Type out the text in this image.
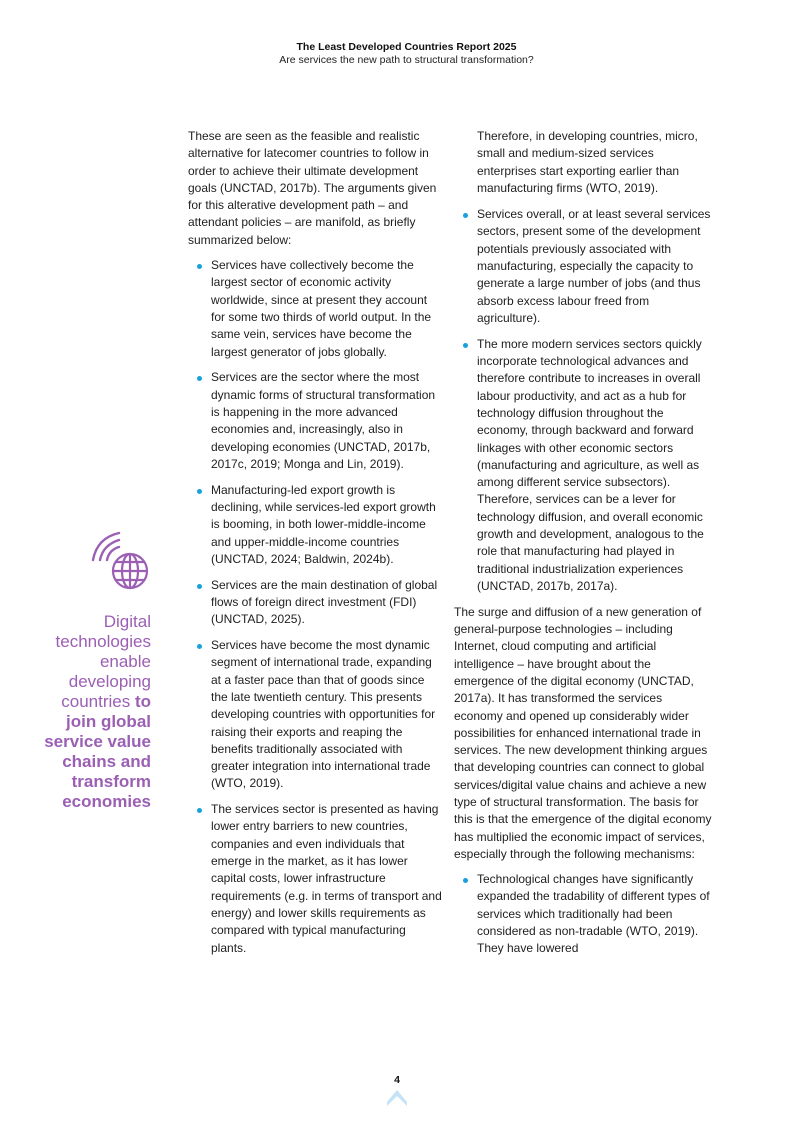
The Least Developed Countries Report 2025
Are services the new path to structural transformation?
Digital technologies enable developing countries to join global service value chains and transform economies

These are seen as the feasible and realistic alternative for latecomer countries to follow in order to achieve their ultimate development goals (UNCTAD, 2017b). The arguments given for this alterative development path – and attendant policies – are manifold, as briefly summarized below:

Services have collectively become the largest sector of economic activity worldwide, since at present they account for some two thirds of world output. In the same vein, services have become the largest generator of jobs globally.
Services are the sector where the most dynamic forms of structural transformation is happening in the more advanced economies and, increasingly, also in developing economies (UNCTAD, 2017b, 2017c, 2019; Monga and Lin, 2019).
Manufacturing-led export growth is declining, while services-led export growth is booming, in both lower-middle-income and upper-middle-income countries (UNCTAD, 2024; Baldwin, 2024b).
Services are the main destination of global flows of foreign direct investment (FDI) (UNCTAD, 2025).
Services have become the most dynamic segment of international trade, expanding at a faster pace than that of goods since the late twentieth century. This presents developing countries with opportunities for raising their exports and reaping the benefits traditionally associated with greater integration into international trade (WTO, 2019).
The services sector is presented as having lower entry barriers to new countries, companies and even individuals that emerge in the market, as it has lower capital costs, lower infrastructure requirements (e.g. in terms of transport and energy) and lower skills requirements as compared with typical manufacturing plants.
Therefore, in developing countries, micro, small and medium-sized services enterprises start exporting earlier than manufacturing firms (WTO, 2019).
Services overall, or at least several services sectors, present some of the development potentials previously associated with manufacturing, especially the capacity to generate a large number of jobs (and thus absorb excess labour freed from agriculture).
The more modern services sectors quickly incorporate technological advances and therefore contribute to increases in overall labour productivity, and act as a hub for technology diffusion throughout the economy, through backward and forward linkages with other economic sectors (manufacturing and agriculture, as well as among different service subsectors). Therefore, services can be a lever for technology diffusion, and overall economic growth and development, analogous to the role that manufacturing had played in traditional industrialization experiences (UNCTAD, 2017b, 2017a).

The surge and diffusion of a new generation of general-purpose technologies – including Internet, cloud computing and artificial intelligence – have brought about the emergence of the digital economy (UNCTAD, 2017a). It has transformed the services economy and opened up considerably wider possibilities for enhanced international trade in services. The new development thinking argues that developing countries can connect to global services/digital value chains and achieve a new type of structural transformation. The basis for this is that the emergence of the digital economy has multiplied the economic impact of services, especially through the following mechanisms:

Technological changes have significantly expanded the tradability of different types of services which traditionally had been considered as non-tradable (WTO, 2019). They have lowered
4
